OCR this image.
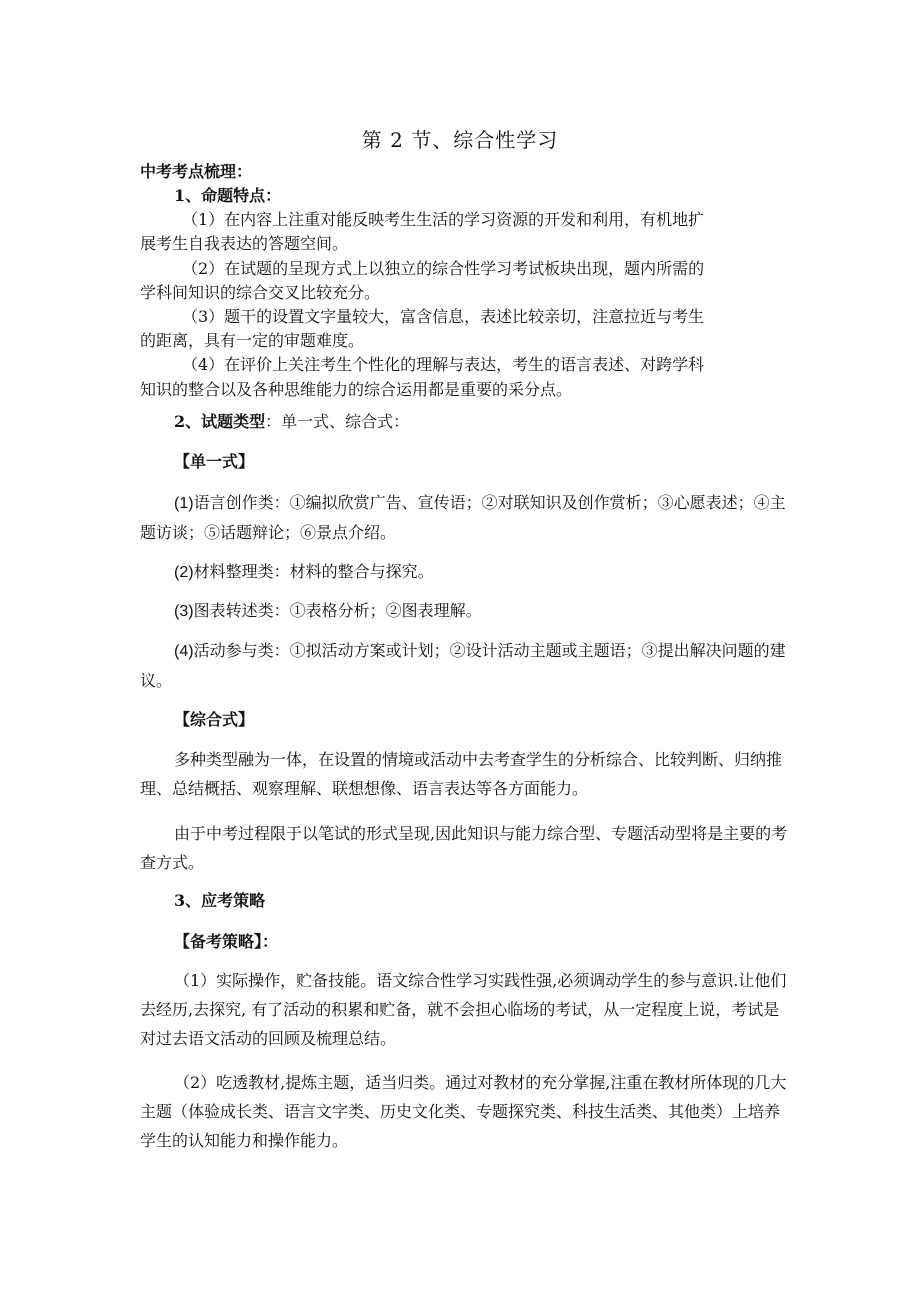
第 2 节、综合性学习
中考考点梳理：
1、命题特点：
（1）在内容上注重对能反映考生生活的学习资源的开发和利用，有机地扩
展考生自我表达的答题空间。
（2）在试题的呈现方式上以独立的综合性学习考试板块出现，题内所需的
学科间知识的综合交叉比较充分。
（3）题干的设置文字量较大，富含信息，表述比较亲切，注意拉近与考生
的距离，具有一定的审题难度。
（4）在评价上关注考生个性化的理解与表达，考生的语言表述、对跨学科
知识的整合以及各种思维能力的综合运用都是重要的采分点。
2、试题类型：单一式、综合式：
【单一式】
(1)语言创作类：①编拟欣赏广告、宣传语；②对联知识及创作赏析；③心愿表述；④主题访谈；⑤话题辩论；⑥景点介绍。
(2)材料整理类：材料的整合与探究。
(3)图表转述类：①表格分析；②图表理解。
(4)活动参与类：①拟活动方案或计划；②设计活动主题或主题语；③提出解决问题的建议。
【综合式】
多种类型融为一体，在设置的情境或活动中去考查学生的分析综合、比较判断、归纳推理、总结概括、观察理解、联想想像、语言表达等各方面能力。
由于中考过程限于以笔试的形式呈现,因此知识与能力综合型、专题活动型将是主要的考查方式。
3、应考策略
【备考策略】：
（1）实际操作，贮备技能。语文综合性学习实践性强,必须调动学生的参与意识.让他们去经历,去探究, 有了活动的积累和贮备，就不会担心临场的考试，从一定程度上说，考试是对过去语文活动的回顾及梳理总结。
（2）吃透教材,提炼主题，适当归类。通过对教材的充分掌握,注重在教材所体现的几大主题（体验成长类、语言文字类、历史文化类、专题探究类、科技生活类、其他类）上培养学生的认知能力和操作能力。
